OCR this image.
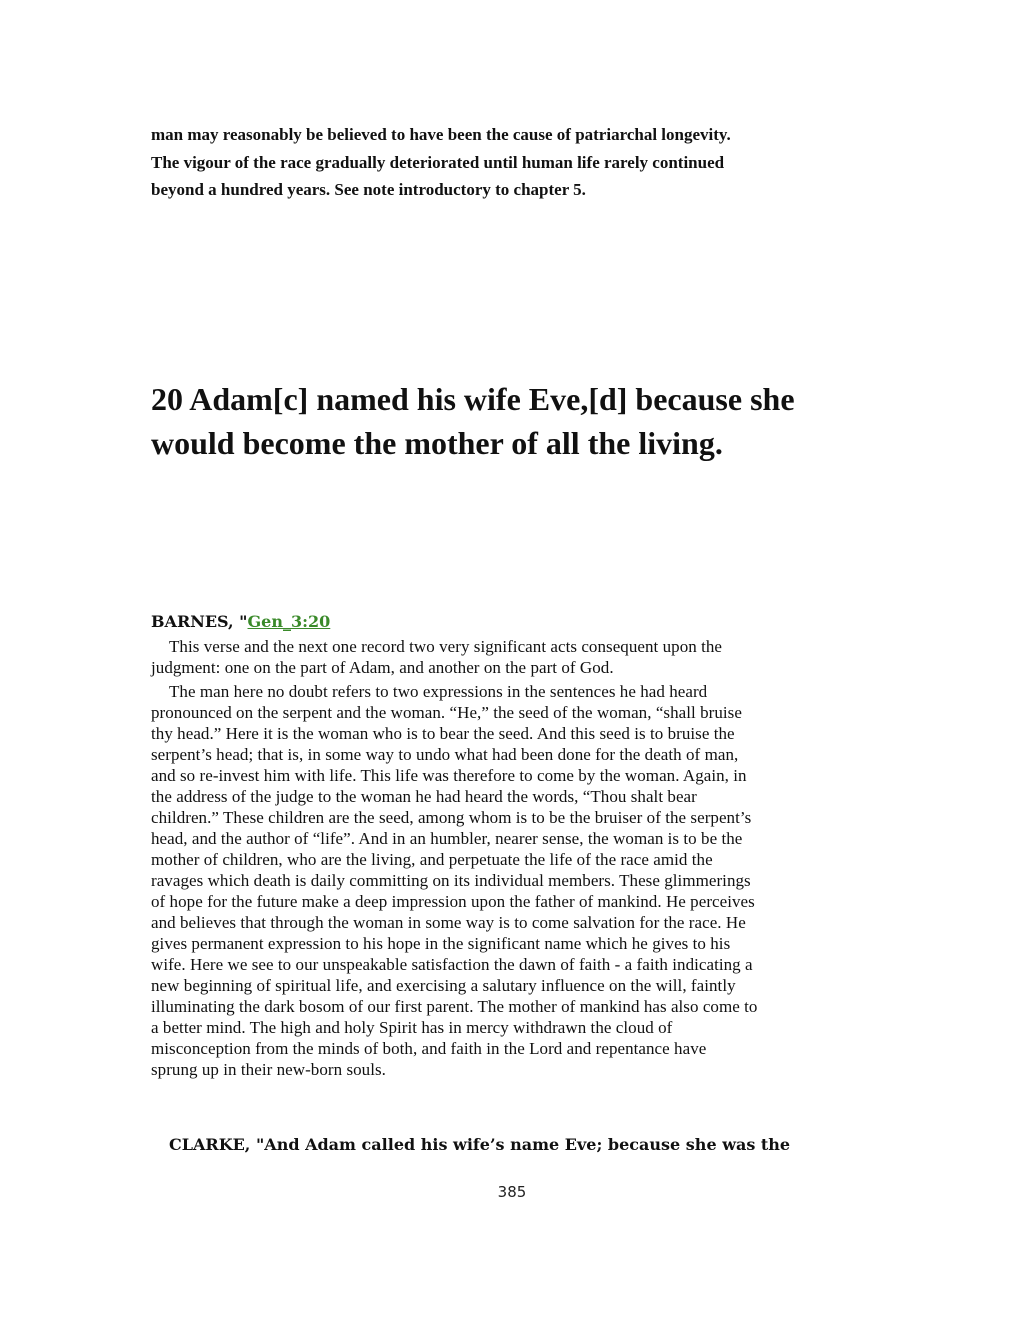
man may reasonably be believed to have been the cause of patriarchal longevity.
The vigour of the race gradually deteriorated until human life rarely continued
beyond a hundred years. See note introductory to chapter 5.
20 Adam[c] named his wife Eve,[d] because she
would become the mother of all the living.
BARNES, "Gen_3:20

This verse and the next one record two very significant acts consequent upon the
judgment: one on the part of Adam, and another on the part of God.

The man here no doubt refers to two expressions in the sentences he had heard
pronounced on the serpent and the woman. “He,” the seed of the woman, “shall bruise
thy head.” Here it is the woman who is to bear the seed. And this seed is to bruise the
serpent’s head; that is, in some way to undo what had been done for the death of man,
and so re-invest him with life. This life was therefore to come by the woman. Again, in
the address of the judge to the woman he had heard the words, “Thou shalt bear
children.” These children are the seed, among whom is to be the bruiser of the serpent’s
head, and the author of “life”. And in an humbler, nearer sense, the woman is to be the
mother of children, who are the living, and perpetuate the life of the race amid the
ravages which death is daily committing on its individual members. These glimmerings
of hope for the future make a deep impression upon the father of mankind. He perceives
and believes that through the woman in some way is to come salvation for the race. He
gives permanent expression to his hope in the significant name which he gives to his
wife. Here we see to our unspeakable satisfaction the dawn of faith - a faith indicating a
new beginning of spiritual life, and exercising a salutary influence on the will, faintly
illuminating the dark bosom of our first parent. The mother of mankind has also come to
a better mind. The high and holy Spirit has in mercy withdrawn the cloud of
misconception from the minds of both, and faith in the Lord and repentance have
sprung up in their new-born souls.

CLARKE, "And Adam called his wife’s name Eve; because she was the
385
